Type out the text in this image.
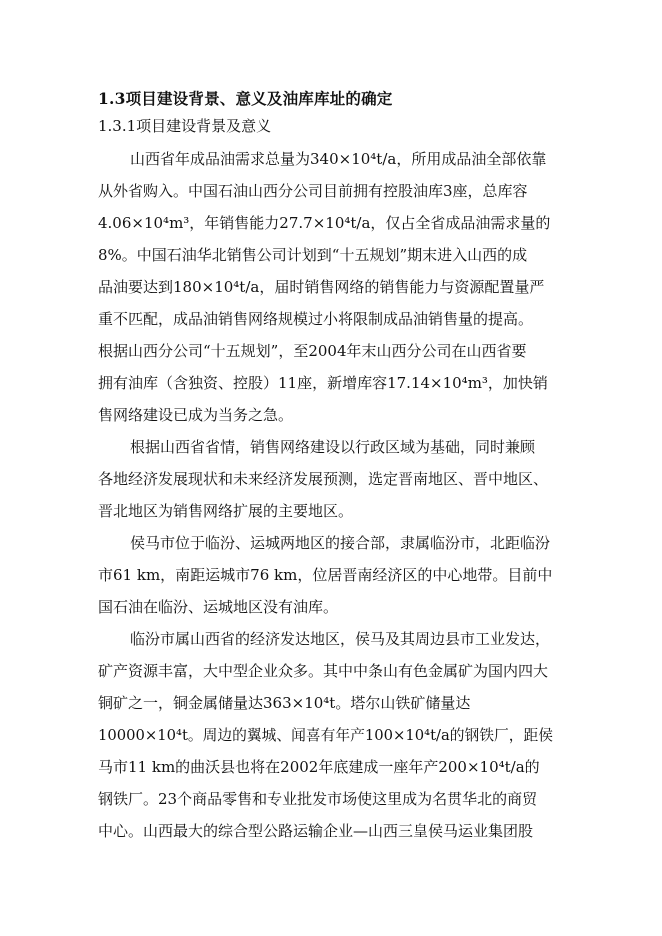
1.3项目建设背景、意义及油库库址的确定
1.3.1项目建设背景及意义
山西省年成品油需求总量为340×10⁴t/a，所用成品油全部依靠
从外省购入。中国石油山西分公司目前拥有控股油库3座，总库容
4.06×10⁴m³，年销售能力27.7×10⁴t/a，仅占全省成品油需求量的
8%。中国石油华北销售公司计划到“十五规划”期末进入山西的成
品油要达到180×10⁴t/a，届时销售网络的销售能力与资源配置量严
重不匹配，成品油销售网络规模过小将限制成品油销售量的提高。
根据山西分公司“十五规划”，至2004年末山西分公司在山西省要
拥有油库（含独资、控股）11座，新增库容17.14×10⁴m³，加快销
售网络建设已成为当务之急。
根据山西省省情，销售网络建设以行政区域为基础，同时兼顾
各地经济发展现状和未来经济发展预测，选定晋南地区、晋中地区、
晋北地区为销售网络扩展的主要地区。
侯马市位于临汾、运城两地区的接合部，隶属临汾市，北距临汾
市61 km，南距运城市76 km，位居晋南经济区的中心地带。目前中
国石油在临汾、运城地区没有油库。
临汾市属山西省的经济发达地区，侯马及其周边县市工业发达，
矿产资源丰富，大中型企业众多。其中中条山有色金属矿为国内四大
铜矿之一，铜金属储量达363×10⁴t。塔尔山铁矿储量达
10000×10⁴t。周边的翼城、闻喜有年产100×10⁴t/a的钢铁厂，距侯
马市11 km的曲沃县也将在2002年底建成一座年产200×10⁴t/a的
钢铁厂。23个商品零售和专业批发市场使这里成为名贯华北的商贸
中心。山西最大的综合型公路运输企业—山西三皇侯马运业集团股
